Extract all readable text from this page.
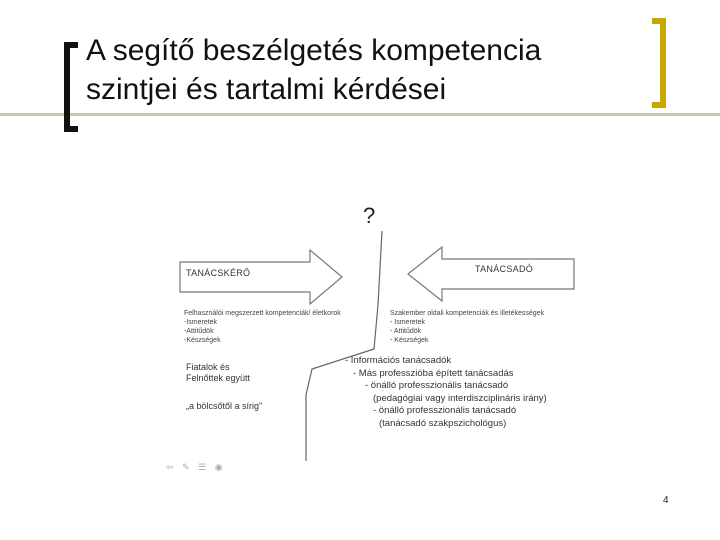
A segítő beszélgetés kompetencia
szintjei és tartalmi kérdései
?
TANÁCSKÉRŐ	TANÁCSADÓ
Felhasználói megszerzett kompetenciák/ életkorok
-Ismeretek
-Attitűdök
-Készségek
Szakember oldali kompetenciák és illetékességek
- Ismeretek
- Attitűdök
- Készségek
Fiatalok és
Felnőttek együtt
„a bölcsőtől a sírig"
- Információs tanácsadók
- Más professzióba épített tanácsadás
- önálló professzionális tanácsadó
(pedagógiai vagy interdiszciplináris irány)
- önálló professzionális tanácsadó
(tanácsadó szakpszichológus)
⇦ ✎ ☰ ◉
4
